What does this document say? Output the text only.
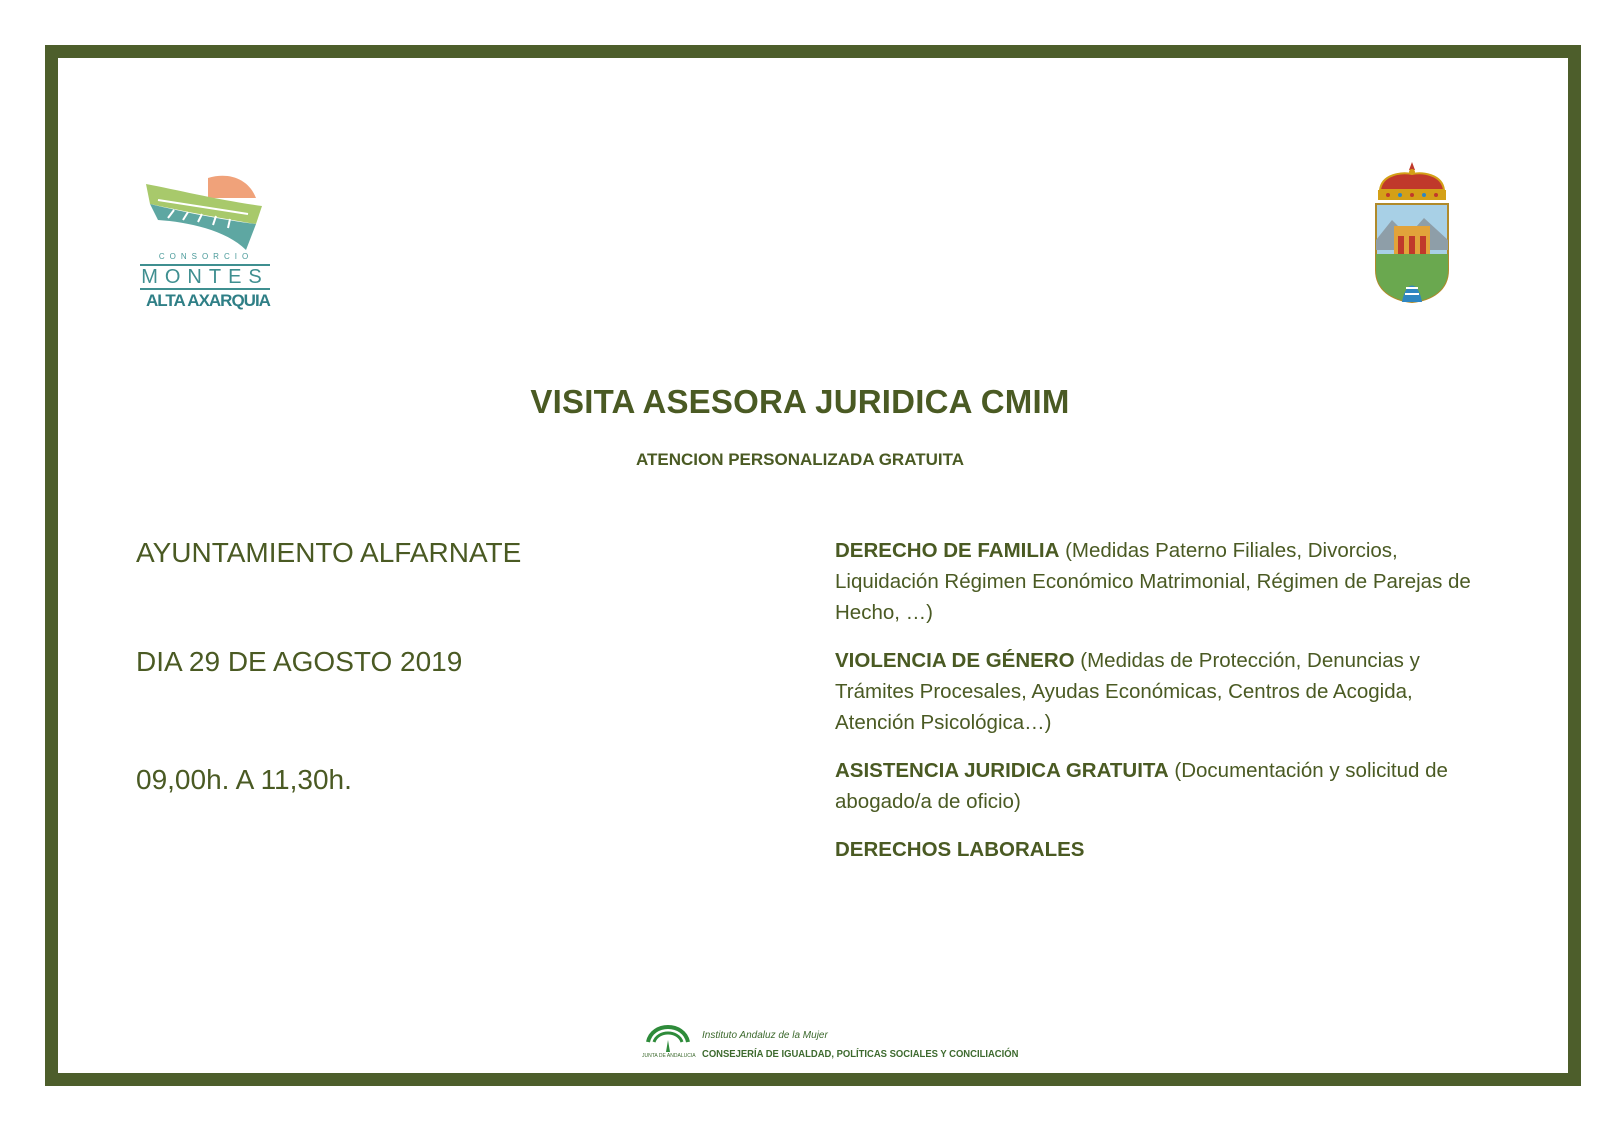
CONSORCIO
MONTES
ALTA AXARQUIA
VISITA ASESORA JURIDICA CMIM
ATENCION PERSONALIZADA GRATUITA
AYUNTAMIENTO ALFARNATE
DIA 29 DE AGOSTO 2019
09,00h. A 11,30h.

DERECHO DE FAMILIA (Medidas Paterno Filiales, Divorcios, Liquidación Régimen Económico Matrimonial, Régimen de Parejas de Hecho, …)

VIOLENCIA DE GÉNERO (Medidas de Protección, Denuncias y Trámites Procesales, Ayudas Económicas, Centros de Acogida, Atención Psicológica…)

ASISTENCIA JURIDICA GRATUITA (Documentación y solicitud de abogado/a de oficio)

DERECHOS LABORALES

JUNTA DE ANDALUCIA
Instituto Andaluz de la Mujer
CONSEJERÍA DE IGUALDAD, POLÍTICAS SOCIALES Y CONCILIACIÓN
